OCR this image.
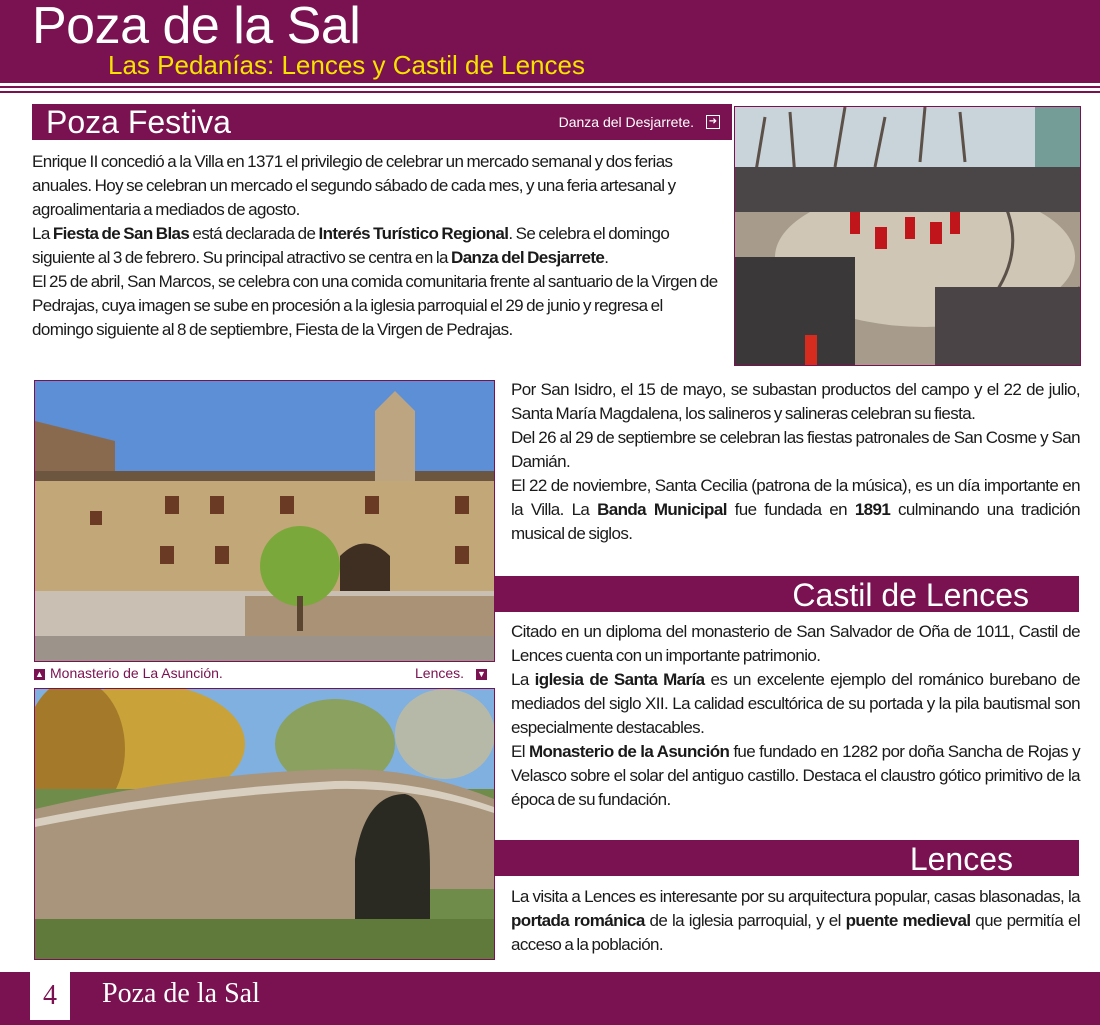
Poza de la Sal
Las Pedanías: Lences y Castil de Lences
Poza Festiva	Danza del Desjarrete. ➜

Enrique II concedió a la Villa en 1371 el privilegio de celebrar un mercado semanal y dos ferias anuales. Hoy se celebran un mercado el segundo sábado de cada mes, y una feria artesanal y agroalimentaria a mediados de agosto.

La Fiesta de San Blas está declarada de Interés Turístico Regional. Se celebra el domingo siguiente al 3 de febrero. Su principal atractivo se centra en la Danza del Desjarrete.

El 25 de abril, San Marcos, se celebra con una comida comunitaria frente al santuario de la Virgen de Pedrajas, cuya imagen se sube en procesión a la iglesia parroquial el 29 de junio y regresa el domingo siguiente al 8 de septiembre, Fiesta de la Virgen de Pedrajas.

▲ Monasterio de La Asunción.	Lences. ▼

Por San Isidro, el 15 de mayo, se subastan productos del campo y el 22 de julio, Santa María Magdalena, los salineros y salineras celebran su fiesta.

Del 26 al 29 de septiembre se celebran las fiestas patronales de San Cosme y San Damián.

El 22 de noviembre, Santa Cecilia (patrona de la música), es un día importante en la Villa. La Banda Municipal fue fundada en 1891 culminando una tradición musical de siglos.

Castil de Lences

Citado en un diploma del monasterio de San Salvador de Oña de 1011, Castil de Lences cuenta con un importante patrimonio.

La iglesia de Santa María es un excelente ejemplo del románico burebano de mediados del siglo XII. La calidad escultórica de su portada y la pila bautismal son especialmente destacables.

El Monasterio de la Asunción fue fundado en 1282 por doña Sancha de Rojas y Velasco sobre el solar del antiguo castillo. Destaca el claustro gótico primitivo de la época de su fundación.

Lences

La visita a Lences es interesante por su arquitectura popular, casas blasonadas, la portada románica de la iglesia parroquial, y el puente medieval que permitía el acceso a la población.

4	Poza de la Sal
